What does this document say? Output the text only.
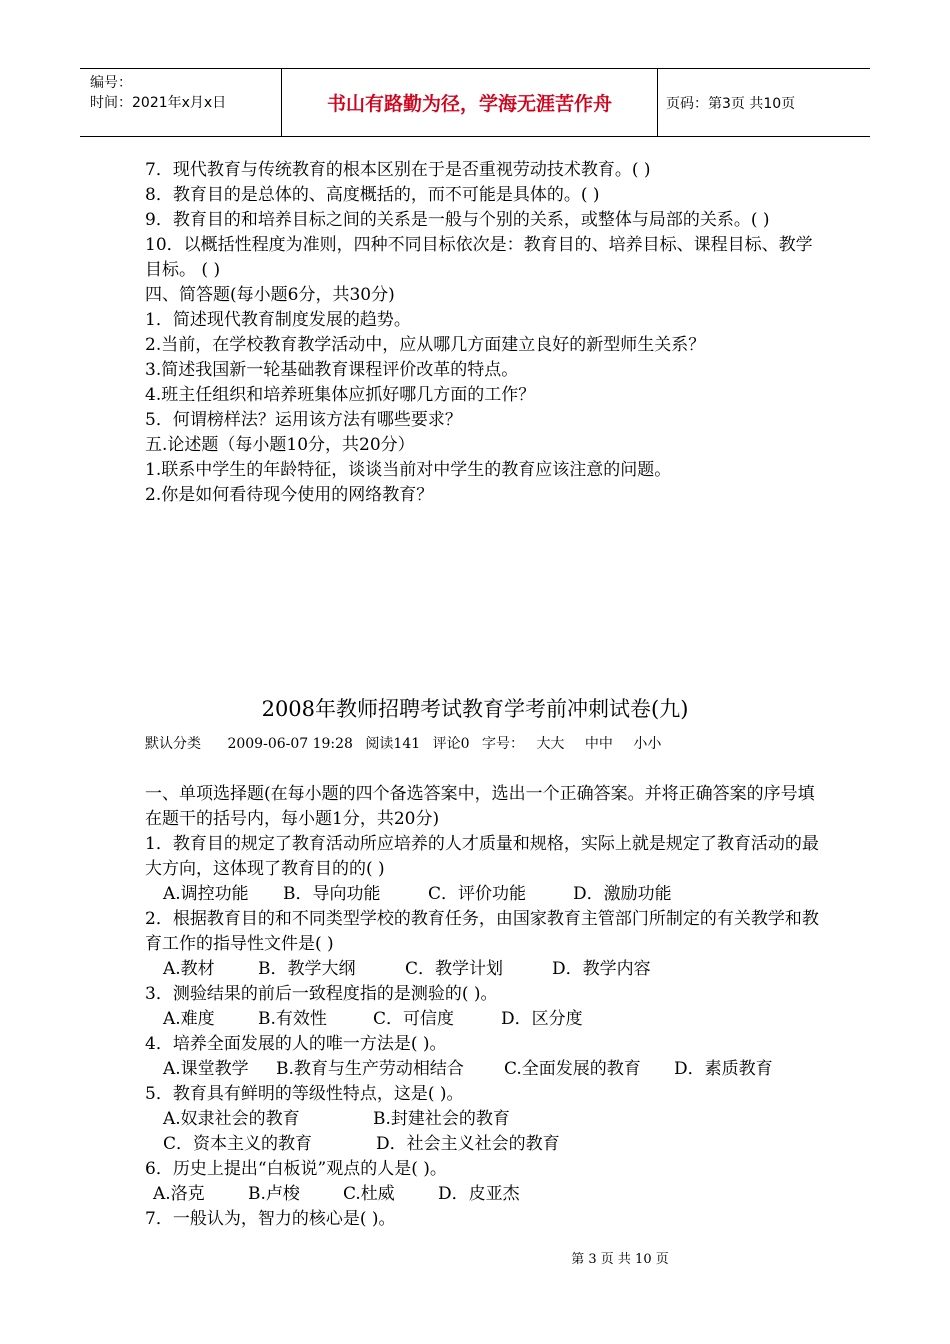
编号：
时间：2021年x月x日	书山有路勤为径，学海无涯苦作舟	页码：第3页 共10页
7．现代教育与传统教育的根本区别在于是否重视劳动技术教育。( )
8．教育目的是总体的、高度概括的，而不可能是具体的。( )
9．教育目的和培养目标之间的关系是一般与个别的关系，或整体与局部的关系。( )
10．以概括性程度为准则，四种不同目标依次是：教育目的、培养目标、课程目标、教学目标。 ( )
四、简答题(每小题6分，共30分)
1．简述现代教育制度发展的趋势。
2.当前，在学校教育教学活动中，应从哪几方面建立良好的新型师生关系？
3.简述我国新一轮基础教育课程评价改革的特点。
4.班主任组织和培养班集体应抓好哪几方面的工作？
5．何谓榜样法？运用该方法有哪些要求？
五.论述题（每小题10分，共20分）
1.联系中学生的年龄特征，谈谈当前对中学生的教育应该注意的问题。
2.你是如何看待现今使用的网络教育？
2008年教师招聘考试教育学考前冲刺试卷(九)
默认分类 2009-06-07 19:28 阅读141 评论0 字号： 大大 中中 小小
一、单项选择题(在每小题的四个备选答案中，选出一个正确答案。并将正确答案的序号填在题干的括号内，每小题1分，共20分)
1．教育目的规定了教育活动所应培养的人才质量和规格，实际上就是规定了教育活动的最大方向，这体现了教育目的的( )
A.调控功能 B．导向功能	C．评价功能	D．激励功能
2．根据教育目的和不同类型学校的教育任务，由国家教育主管部门所制定的有关教学和教育工作的指导性文件是( )
A.教材	B．教学大纲	C．教学计划	D．教学内容
3．测验结果的前后一致程度指的是测验的( )。
A.难度	B.有效性	C．可信度	D．区分度
4．培养全面发展的人的唯一方法是( )。
A.课堂教学 B.教育与生产劳动相结合 C.全面发展的教育 D．素质教育
5．教育具有鲜明的等级性特点，这是( )。
A.奴隶社会的教育	B.封建社会的教育
C．资本主义的教育	D．社会主义社会的教育
6．历史上提出“白板说”观点的人是( )。
A.洛克	B.卢梭	C.杜威	D．皮亚杰
7．一般认为，智力的核心是( )。
第 3 页 共 10 页
